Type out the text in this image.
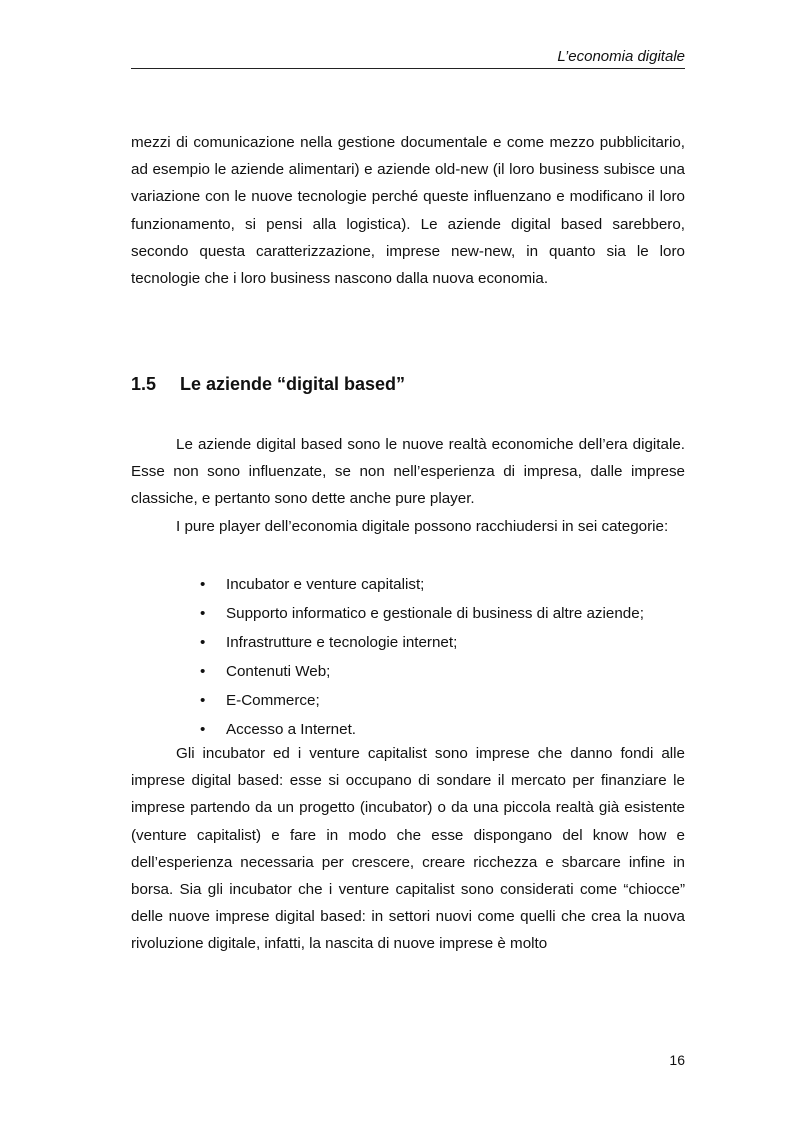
L’economia digitale

mezzi di comunicazione nella gestione documentale e come mezzo pubblicitario, ad esempio le aziende alimentari) e aziende old-new (il loro business subisce una variazione con le nuove tecnologie perché queste influenzano e modificano il loro funzionamento, si pensi alla logistica). Le aziende digital based sarebbero, secondo questa caratterizzazione, imprese new-new, in quanto sia le loro tecnologie che i loro business nascono dalla nuova economia.

1.5 Le aziende “digital based”

Le aziende digital based sono le nuove realtà economiche dell’era digitale. Esse non sono influenzate, se non nell’esperienza di impresa, dalle imprese classiche, e pertanto sono dette anche pure player.

I pure player dell’economia digitale possono racchiudersi in sei categorie:

• Incubator e venture capitalist;
• Supporto informatico e gestionale di business di altre aziende;
• Infrastrutture e tecnologie internet;
• Contenuti Web;
• E-Commerce;
• Accesso a Internet.

Gli incubator ed i venture capitalist sono imprese che danno fondi alle imprese digital based: esse si occupano di sondare il mercato per finanziare le imprese partendo da un progetto (incubator) o da una piccola realtà già esistente (venture capitalist) e fare in modo che esse dispongano del know how e dell’esperienza necessaria per crescere, creare ricchezza e sbarcare infine in borsa. Sia gli incubator che i venture capitalist sono considerati come “chiocce” delle nuove imprese digital based: in settori nuovi come quelli che crea la nuova rivoluzione digitale, infatti, la nascita di nuove imprese è molto

16
